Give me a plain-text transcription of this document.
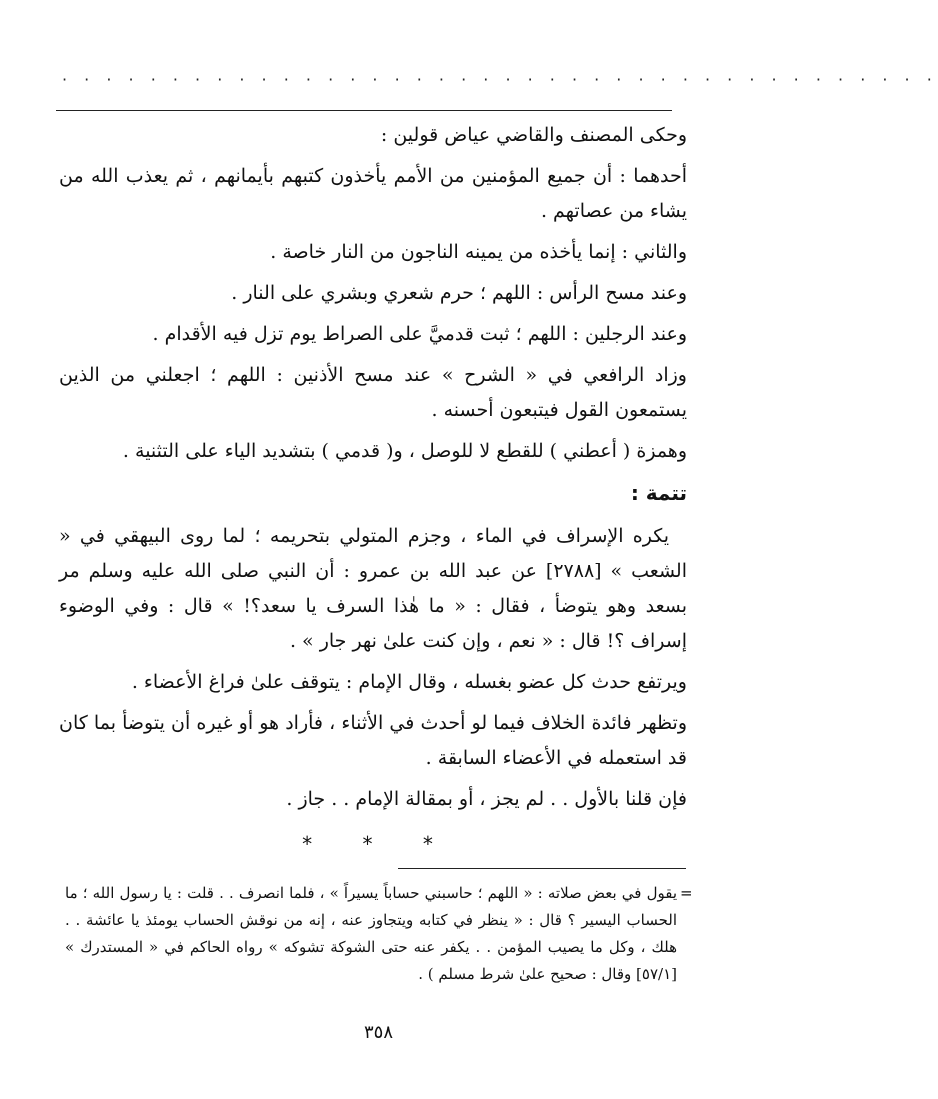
· · · · · · · · · · · · · · · · · · · · · · · · · · · · · · · · · · · · · · · ·

وحكى المصنف والقاضي عياض قولين :

أحدهما : أن جميع المؤمنين من الأمم يأخذون كتبهم بأيمانهم ، ثم يعذب الله من يشاء من عصاتهم .

والثاني : إنما يأخذه من يمينه الناجون من النار خاصة .

وعند مسح الرأس : اللهم ؛ حرم شعري وبشري على النار .

وعند الرجلين : اللهم ؛ ثبت قدميَّ على الصراط يوم تزل فيه الأقدام .

وزاد الرافعي في « الشرح » عند مسح الأذنين : اللهم ؛ اجعلني من الذين يستمعون القول فيتبعون أحسنه .

وهمزة ( أعطني ) للقطع لا للوصل ، و( قدمي ) بتشديد الياء على التثنية .

تتمة :

يكره الإسراف في الماء ، وجزم المتولي بتحريمه ؛ لما روى البيهقي في « الشعب » [٢٧٨٨] عن عبد الله بن عمرو : أن النبي صلى الله عليه وسلم مر بسعد وهو يتوضأ ، فقال : « ما هٰذا السرف يا سعد؟! » قال : وفي الوضوء إسراف ؟! قال : « نعم ، وإن كنت علىٰ نهر جار » .

ويرتفع حدث كل عضو بغسله ، وقال الإمام : يتوقف علىٰ فراغ الأعضاء .

وتظهر فائدة الخلاف فيما لو أحدث في الأثناء ، فأراد هو أو غيره أن يتوضأ بما كان قد استعمله في الأعضاء السابقة .

فإن قلنا بالأول . . لم يجز ، أو بمقالة الإمام . . جاز .

* * *
=
يقول في بعض صلاته : « اللهم ؛ حاسبني حساباً يسيراً » ، فلما انصرف . . قلت : يا رسول الله ؛ ما الحساب اليسير ؟ قال : « ينظر في كتابه ويتجاوز عنه ، إنه من نوقش الحساب يومئذ يا عائشة . . هلك ، وكل ما يصيب المؤمن . . يكفر عنه حتى الشوكة تشوكه » رواه الحاكم في « المستدرك » [٥٧/١] وقال : صحيح علىٰ شرط مسلم ) .
٣٥٨
